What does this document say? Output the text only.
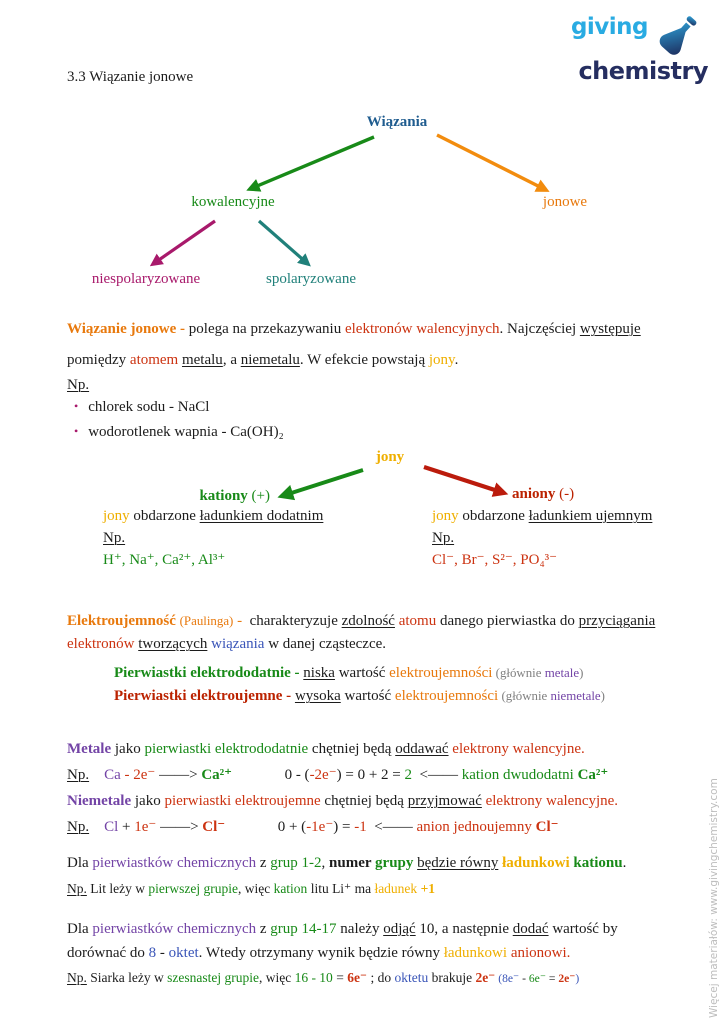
giving
chemistry
3.3 Wiązanie jonowe
Wiązania
kowalencyjne	jonowe
niespolaryzowane	spolaryzowane
Wiązanie jonowe - polega na przekazywaniu elektronów walencyjnych. Najczęściej występuje
pomiędzy atomem metalu, a niemetalu. W efekcie powstają jony.
Np.
• chlorek sodu - NaCl
• wodorotlenek wapnia - Ca(OH)₂
jony
kationy (+)	aniony (-)
jony obdarzone ładunkiem dodatnim
Np.
H⁺, Na⁺, Ca²⁺, Al³⁺
jony obdarzone ładunkiem ujemnym
Np.
Cl⁻, Br⁻, S²⁻, PO₄³⁻
Elektroujemność (Paulinga) -  charakteryzuje zdolność atomu danego pierwiastka do przyciągania
elektronów tworzących wiązania w danej cząsteczce.
Pierwiastki elektrododatnie - niska wartość elektroujemności (głównie metale)
Pierwiastki elektroujemne - wysoka wartość elektroujemności (głównie niemetale)
Metale jako pierwiastki elektrododatnie chętniej będą oddawać elektrony walencyjne.
Np. Ca - 2e⁻ ——> Ca²⁺	0 - (-2e⁻) = 0 + 2 = 2  <—— kation dwudodatni Ca²⁺
Niemetale jako pierwiastki elektroujemne chętniej będą przyjmować elektrony walencyjne.
Np. Cl + 1e⁻ ——> Cl⁻	0 + (-1e⁻) = -1  <—— anion jednoujemny Cl⁻
Dla pierwiastków chemicznych z grup 1-2, numer grupy będzie równy ładunkowi kationu.
Np. Lit leży w pierwszej grupie, więc kation litu Li⁺ ma ładunek +1
Dla pierwiastków chemicznych z grup 14-17 należy odjąć 10, a następnie dodać wartość by
dorównać do 8 - oktet. Wtedy otrzymany wynik będzie równy ładunkowi anionowi.
Np. Siarka leży w szesnastej grupie, więc 16 - 10 = 6e⁻ ; do oktetu brakuje 2e⁻ (8e⁻ - 6e⁻ = 2e⁻)	Więcej materiałów: www.givingchemistry.com
